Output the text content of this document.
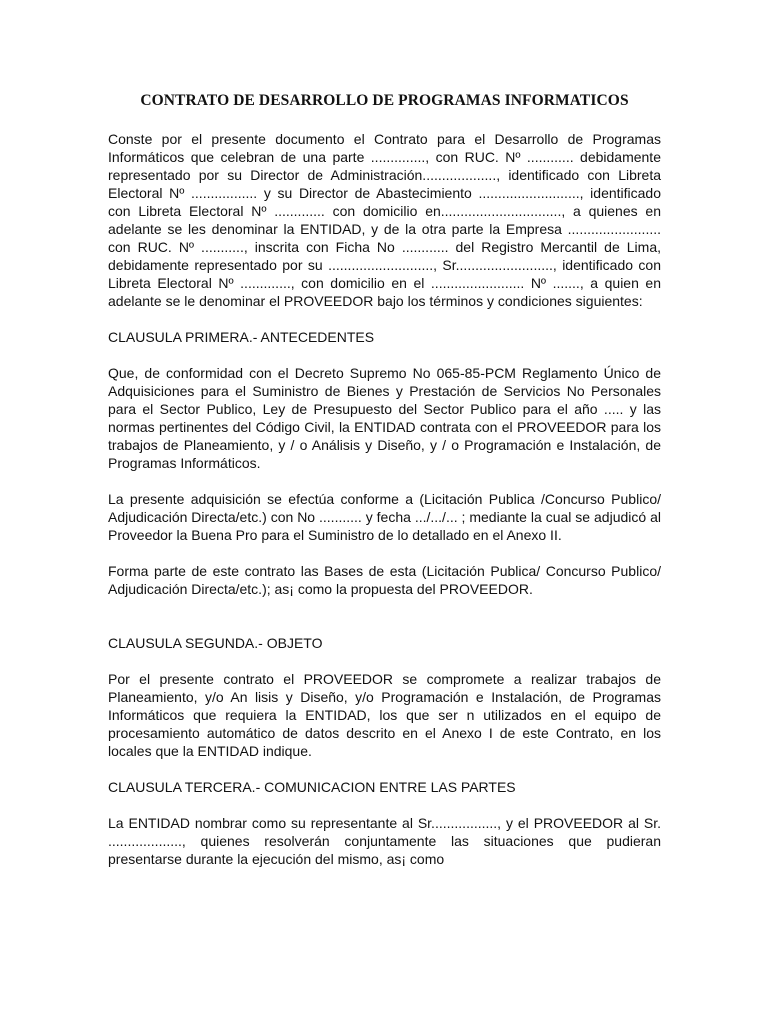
CONTRATO DE DESARROLLO DE PROGRAMAS INFORMATICOS

Conste por el presente documento el Contrato para el Desarrollo de Programas Informáticos que celebran de una parte .............., con RUC. Nº ............ debidamente representado por su Director de Administración..................., identificado con Libreta Electoral Nº ................. y su Director de Abastecimiento .........................., identificado con Libreta Electoral Nº ............. con domicilio en..............................., a quienes en adelante se les denominar la ENTIDAD, y de la otra parte la Empresa ........................ con RUC. Nº ..........., inscrita con Ficha No ............ del Registro Mercantil de Lima, debidamente representado por su ..........................., Sr........................., identificado con Libreta Electoral Nº ............., con domicilio en el ........................ Nº ......., a quien en adelante se le denominar el PROVEEDOR bajo los términos y condiciones siguientes:

CLAUSULA PRIMERA.- ANTECEDENTES

Que, de conformidad con el Decreto Supremo No 065-85-PCM Reglamento Único de Adquisiciones para el Suministro de Bienes y Prestación de Servicios No Personales para el Sector Publico, Ley de Presupuesto del Sector Publico para el año ..... y las normas pertinentes del Código Civil, la ENTIDAD contrata con el PROVEEDOR para los trabajos de Planeamiento, y / o Análisis y Diseño, y / o Programación e Instalación, de Programas Informáticos.

La presente adquisición se efectúa conforme a (Licitación Publica /Concurso Publico/ Adjudicación Directa/etc.) con No ........... y fecha .../.../... ; mediante la cual se adjudicó al Proveedor la Buena Pro para el Suministro de lo detallado en el Anexo II.

Forma parte de este contrato las Bases de esta (Licitación Publica/ Concurso Publico/ Adjudicación Directa/etc.); as¡ como la propuesta del PROVEEDOR.

CLAUSULA SEGUNDA.- OBJETO

Por el presente contrato el PROVEEDOR se compromete a realizar trabajos de Planeamiento, y/o An lisis y Diseño, y/o Programación e Instalación, de Programas Informáticos que requiera la ENTIDAD, los que ser n utilizados en el equipo de procesamiento automático de datos descrito en el Anexo I de este Contrato, en los locales que la ENTIDAD indique.

CLAUSULA TERCERA.- COMUNICACION ENTRE LAS PARTES

La ENTIDAD nombrar como su representante al Sr................., y el PROVEEDOR al Sr. ..................., quienes resolverán conjuntamente las situaciones que pudieran presentarse durante la ejecución del mismo, as¡ como
